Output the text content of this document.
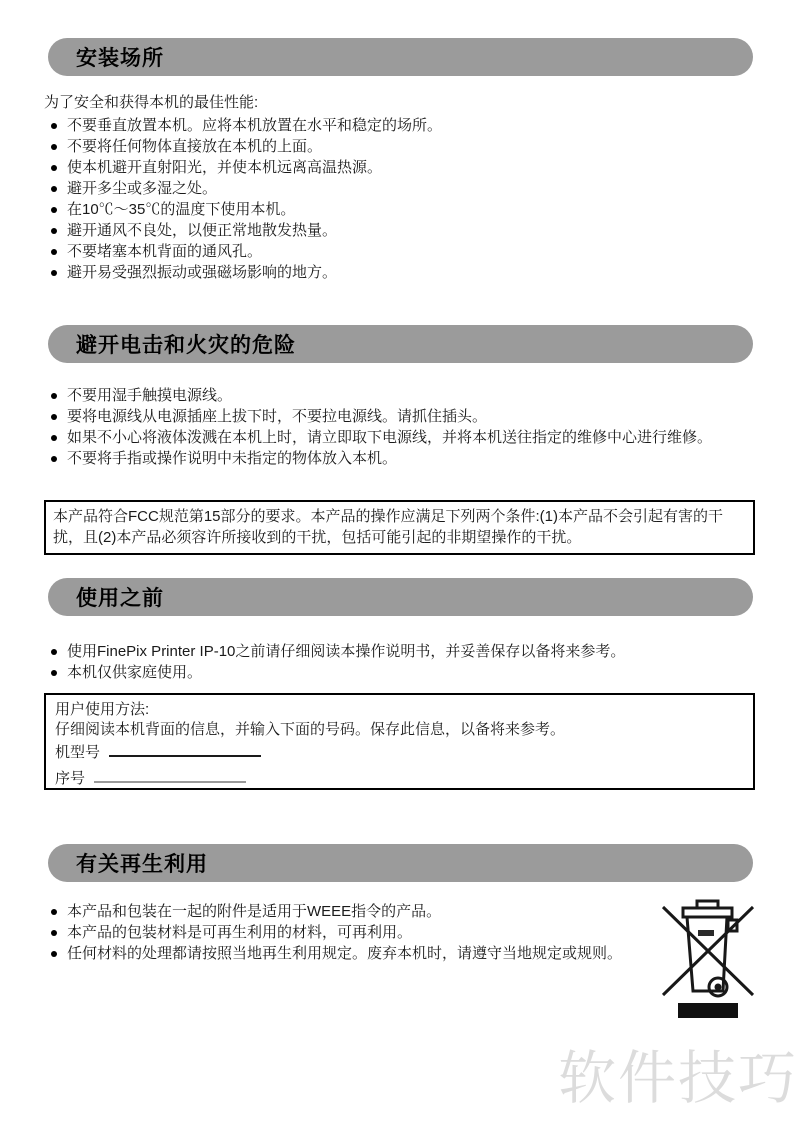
安装场所

为了安全和获得本机的最佳性能:

不要垂直放置本机。应将本机放置在水平和稳定的场所。
不要将任何物体直接放在本机的上面。
使本机避开直射阳光，并使本机远离高温热源。
避开多尘或多湿之处。
在10℃～35℃的温度下使用本机。
避开通风不良处，以便正常地散发热量。
不要堵塞本机背面的通风孔。
避开易受强烈振动或强磁场影响的地方。
避开电击和火灾的危险
不要用湿手触摸电源线。
要将电源线从电源插座上拔下时，不要拉电源线。请抓住插头。
如果不小心将液体泼溅在本机上时，请立即取下电源线，并将本机送往指定的维修中心进行维修。
不要将手指或操作说明中未指定的物体放入本机。

本产品符合FCC规范第15部分的要求。本产品的操作应满足下列两个条件:(1)本产品不会引起有害的干扰，且(2)本产品必须容许所接收到的干扰，包括可能引起的非期望操作的干扰。

使用之前
使用FinePix Printer IP-10之前请仔细阅读本操作说明书，并妥善保存以备将来参考。
本机仅供家庭使用。

用户使用方法:

仔细阅读本机背面的信息，并输入下面的号码。保存此信息，以备将来参考。

机型号

序号

有关再生利用
本产品和包装在一起的附件是适用于WEEE指令的产品。
本产品的包装材料是可再生利用的材料，可再利用。
任何材料的处理都请按照当地再生利用规定。废弃本机时，请遵守当地规定或规则。
软件技巧
